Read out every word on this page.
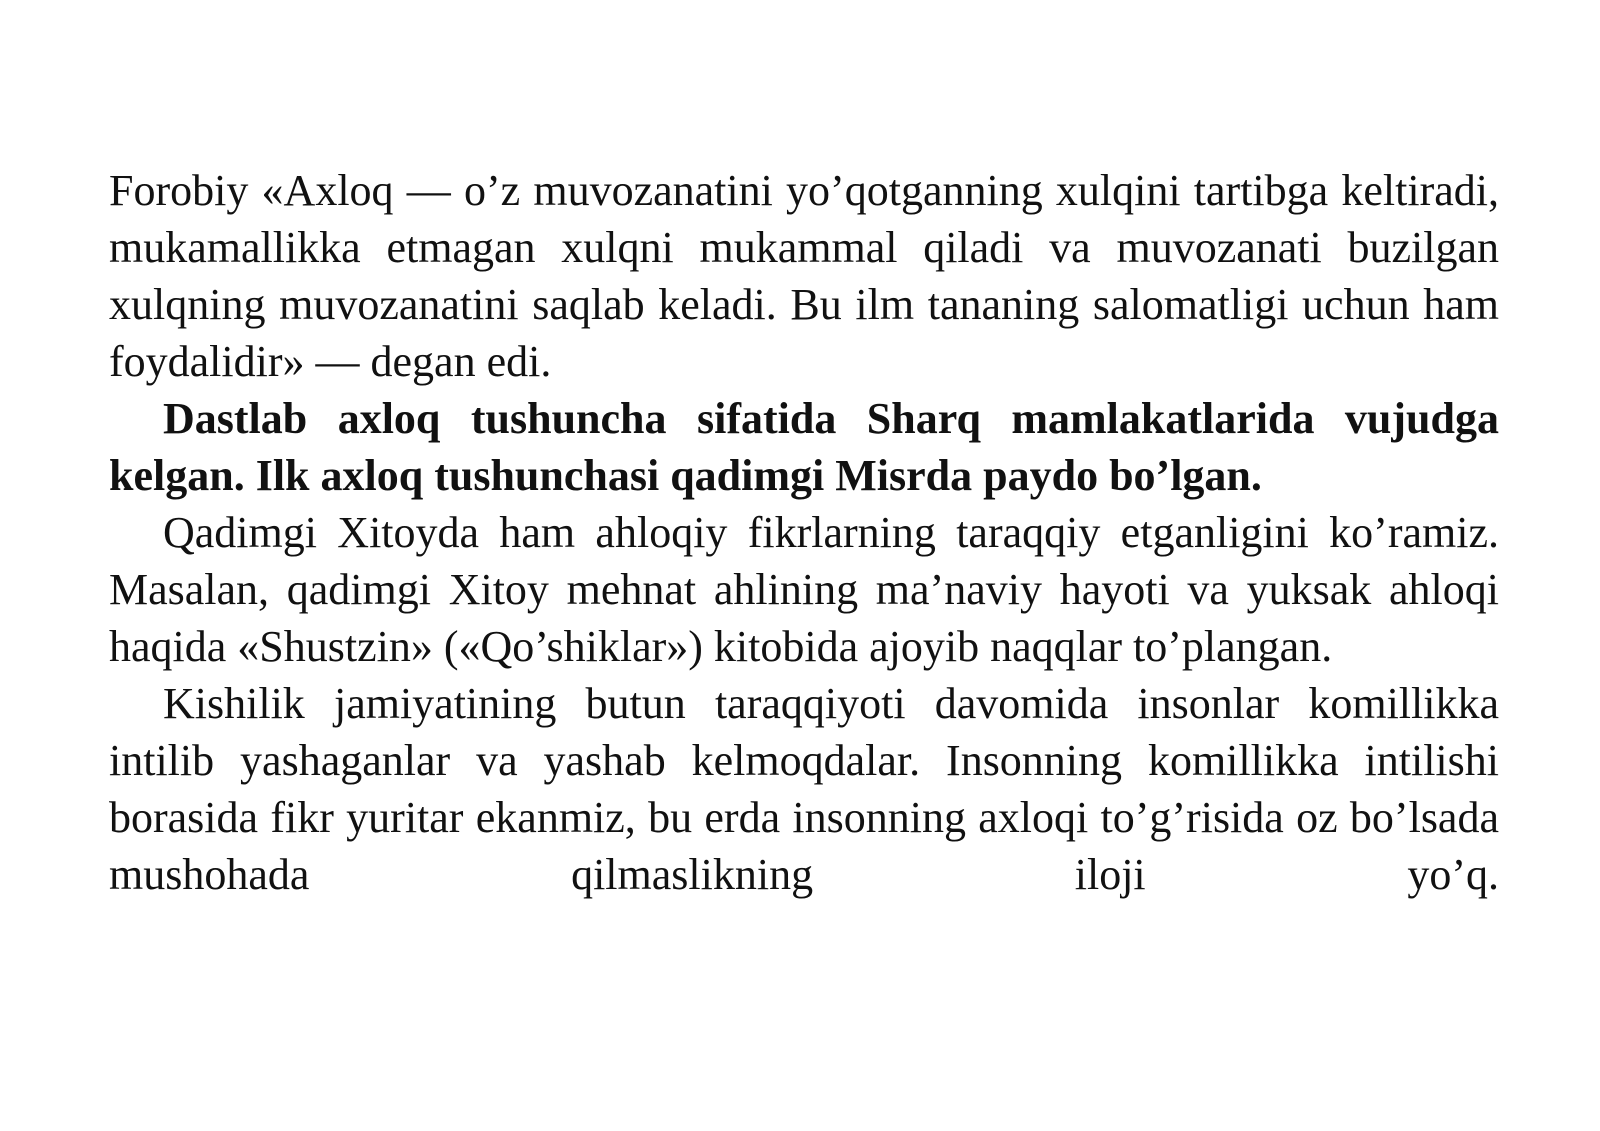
Forobiy «Axloq — o’z muvozanatini yo’qotganning xulqini tartibga keltiradi, mukamallikka etmagan xulqni mukammal qiladi va muvozanati buzilgan xulqning muvozanatini saqlab keladi. Bu ilm tananing salomatligi uchun ham foydalidir» — degan edi.

Dastlab axloq tushuncha sifatida Sharq mamlakatlarida vujudga kelgan. Ilk axloq tushunchasi qadimgi Misrda paydo bo’lgan.

Qadimgi Xitoyda ham ahloqiy fikrlarning taraqqiy etganligini ko’ramiz. Masalan, qadimgi Xitoy mehnat ahlining ma’naviy hayoti va yuksak ahloqi haqida «Shustzin» («Qo’shiklar») kitobida ajoyib naqqlar to’plangan.

Kishilik jamiyatining butun taraqqiyoti davomida insonlar komillikka intilib yashaganlar va yashab kelmoqdalar. Insonning komillikka intilishi borasida fikr yuritar ekanmiz, bu erda insonning axloqi to’g’risida oz bo’lsada mushohada qilmaslikning iloji yo’q.
